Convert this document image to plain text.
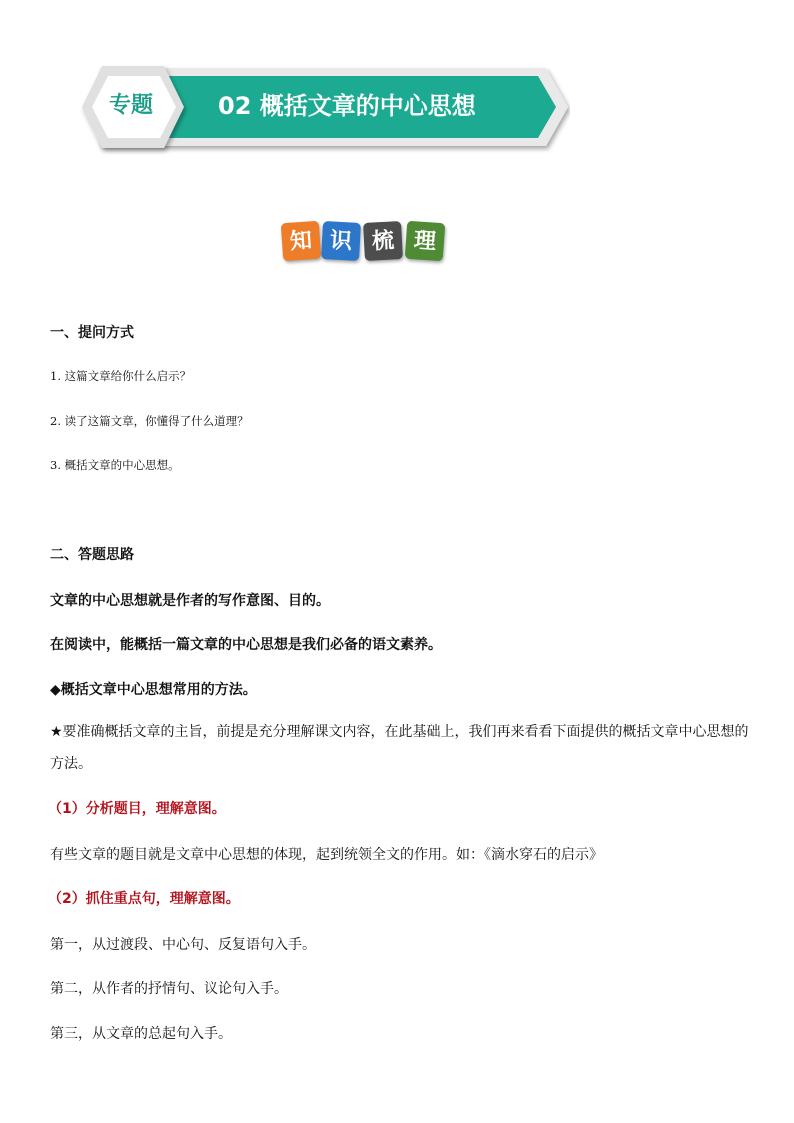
专题	02 概括文章的中心思想
知 识 梳 理
一、提问方式
1. 这篇文章给你什么启示？
2. 读了这篇文章，你懂得了什么道理？
3. 概括文章的中心思想。
二、答题思路
文章的中心思想就是作者的写作意图、目的。
在阅读中，能概括一篇文章的中心思想是我们必备的语文素养。
◆概括文章中心思想常用的方法。
★要准确概括文章的主旨，前提是充分理解课文内容，在此基础上，我们再来看看下面提供的概括文章中心思想的方法。
（1）分析题目，理解意图。
有些文章的题目就是文章中心思想的体现，起到统领全文的作用。如：《滴水穿石的启示》
（2）抓住重点句，理解意图。
第一，从过渡段、中心句、反复语句入手。
第二，从作者的抒情句、议论句入手。
第三，从文章的总起句入手。
